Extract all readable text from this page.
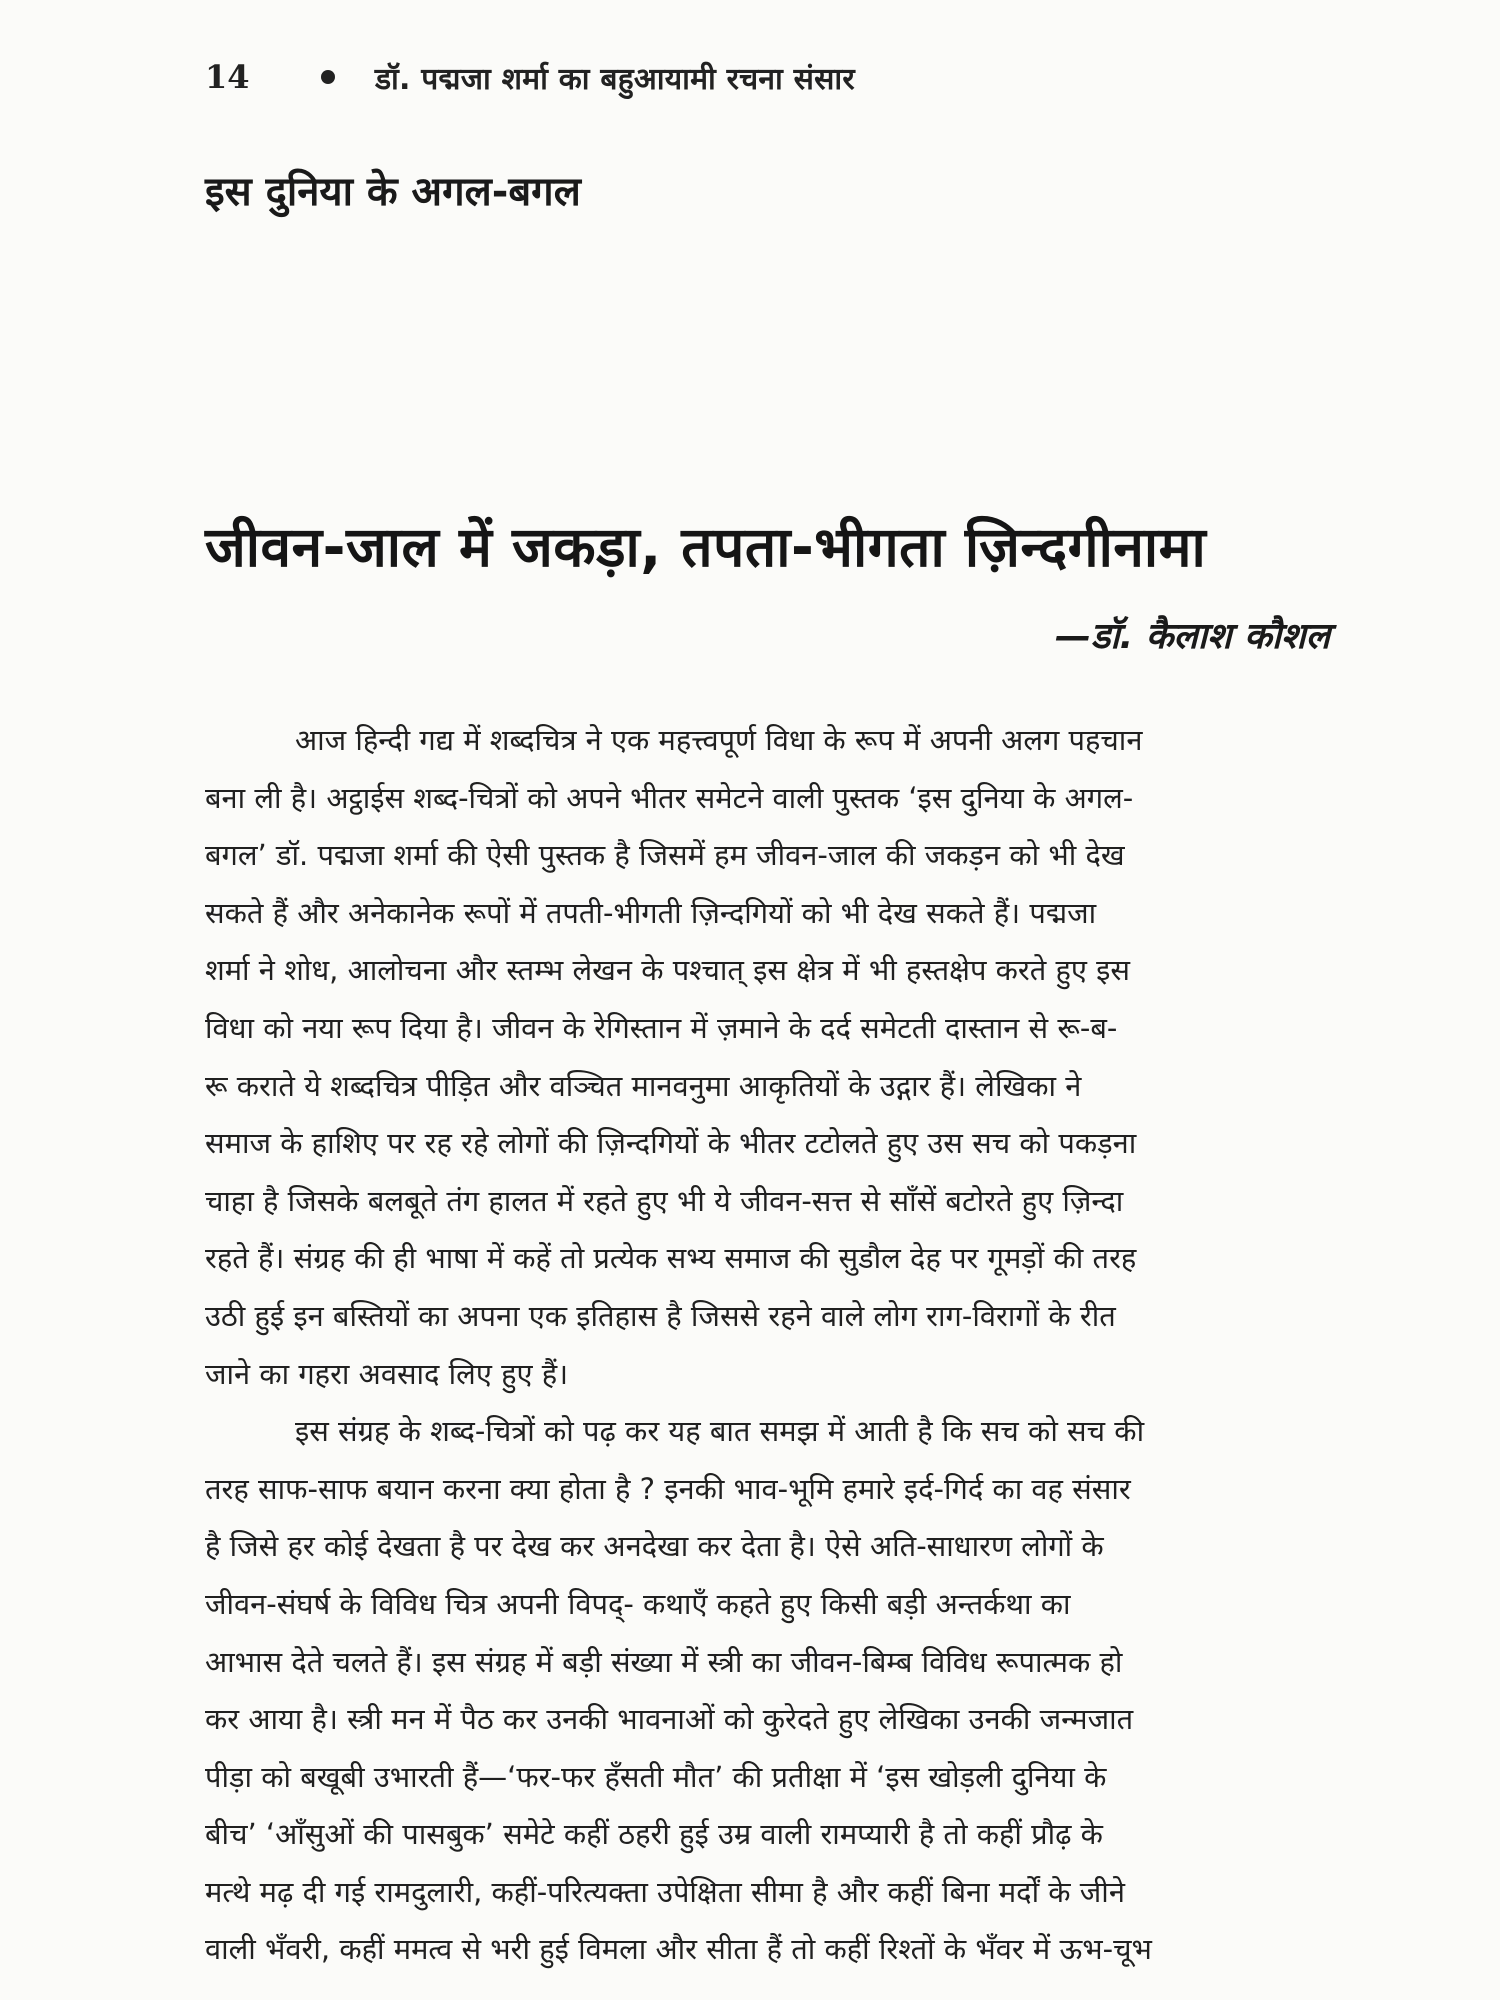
14	डॉ. पद्मजा शर्मा का बहुआयामी रचना संसार
इस दुनिया के अगल-बगल
जीवन-जाल में जकड़ा, तपता-भीगता ज़िन्दगीनामा
—डॉ. कैलाश कौशल
आज हिन्दी गद्य में शब्दचित्र ने एक महत्त्वपूर्ण विधा के रूप में अपनी अलग पहचान
बना ली है। अट्ठाईस शब्द-चित्रों को अपने भीतर समेटने वाली पुस्तक ‘इस दुनिया के अगल-
बगल’ डॉ. पद्मजा शर्मा की ऐसी पुस्तक है जिसमें हम जीवन-जाल की जकड़न को भी देख
सकते हैं और अनेकानेक रूपों में तपती-भीगती ज़िन्दगियों को भी देख सकते हैं। पद्मजा
शर्मा ने शोध, आलोचना और स्तम्भ लेखन के पश्चात् इस क्षेत्र में भी हस्तक्षेप करते हुए इस
विधा को नया रूप दिया है। जीवन के रेगिस्तान में ज़माने के दर्द समेटती दास्तान से रू-ब-
रू कराते ये शब्दचित्र पीड़ित और वञ्चित मानवनुमा आकृतियों के उद्गार हैं। लेखिका ने
समाज के हाशिए पर रह रहे लोगों की ज़िन्दगियों के भीतर टटोलते हुए उस सच को पकड़ना
चाहा है जिसके बलबूते तंग हालत में रहते हुए भी ये जीवन-सत्त से साँसें बटोरते हुए ज़िन्दा
रहते हैं। संग्रह की ही भाषा में कहें तो प्रत्येक सभ्य समाज की सुडौल देह पर गूमड़ों की तरह
उठी हुई इन बस्तियों का अपना एक इतिहास है जिससे रहने वाले लोग राग-विरागों के रीत
जाने का गहरा अवसाद लिए हुए हैं।
इस संग्रह के शब्द-चित्रों को पढ़ कर यह बात समझ में आती है कि सच को सच की
तरह साफ-साफ बयान करना क्या होता है ? इनकी भाव-भूमि हमारे इर्द-गिर्द का वह संसार
है जिसे हर कोई देखता है पर देख कर अनदेखा कर देता है। ऐसे अति-साधारण लोगों के
जीवन-संघर्ष के विविध चित्र अपनी विपद्- कथाएँ कहते हुए किसी बड़ी अन्तर्कथा का
आभास देते चलते हैं। इस संग्रह में बड़ी संख्या में स्त्री का जीवन-बिम्ब विविध रूपात्मक हो
कर आया है। स्त्री मन में पैठ कर उनकी भावनाओं को कुरेदते हुए लेखिका उनकी जन्मजात
पीड़ा को बखूबी उभारती हैं—‘फर-फर हँसती मौत’ की प्रतीक्षा में ‘इस खोड़ली दुनिया के
बीच’ ‘आँसुओं की पासबुक’ समेटे कहीं ठहरी हुई उम्र वाली रामप्यारी है तो कहीं प्रौढ़ के
मत्थे मढ़ दी गई रामदुलारी, कहीं-परित्यक्ता उपेक्षिता सीमा है और कहीं बिना मर्दों के जीने
वाली भँवरी, कहीं ममत्व से भरी हुई विमला और सीता हैं तो कहीं रिश्तों के भँवर में ऊभ-चूभ
